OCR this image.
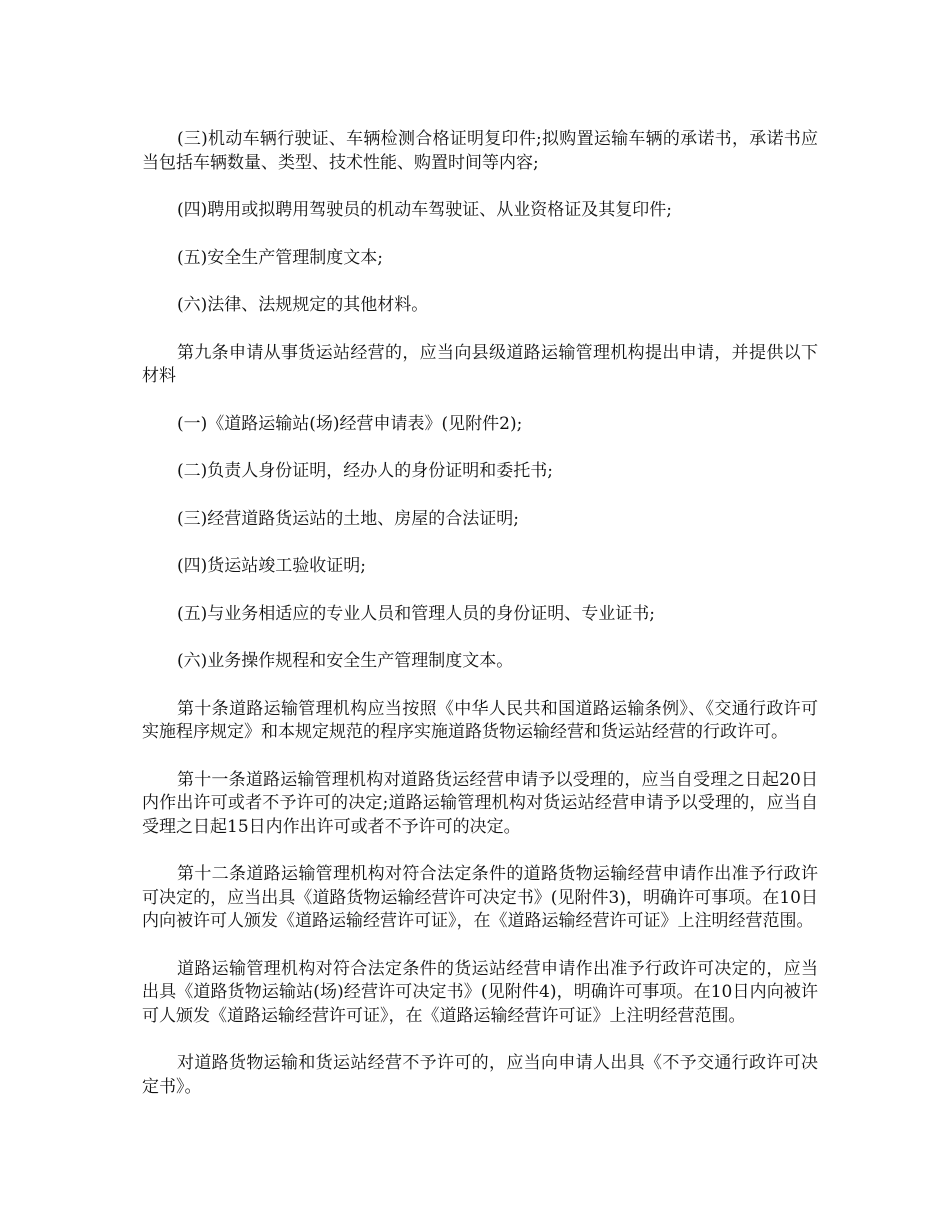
(三)机动车辆行驶证、车辆检测合格证明复印件;拟购置运输车辆的承诺书，承诺书应当包括车辆数量、类型、技术性能、购置时间等内容;

(四)聘用或拟聘用驾驶员的机动车驾驶证、从业资格证及其复印件;

(五)安全生产管理制度文本;

(六)法律、法规规定的其他材料。

第九条申请从事货运站经营的，应当向县级道路运输管理机构提出申请，并提供以下材料

(一)《道路运输站(场)经营申请表》(见附件2);

(二)负责人身份证明，经办人的身份证明和委托书;

(三)经营道路货运站的土地、房屋的合法证明;

(四)货运站竣工验收证明;

(五)与业务相适应的专业人员和管理人员的身份证明、专业证书;

(六)业务操作规程和安全生产管理制度文本。

第十条道路运输管理机构应当按照《中华人民共和国道路运输条例》、《交通行政许可实施程序规定》和本规定规范的程序实施道路货物运输经营和货运站经营的行政许可。

第十一条道路运输管理机构对道路货运经营申请予以受理的，应当自受理之日起20日内作出许可或者不予许可的决定;道路运输管理机构对货运站经营申请予以受理的，应当自受理之日起15日内作出许可或者不予许可的决定。

第十二条道路运输管理机构对符合法定条件的道路货物运输经营申请作出准予行政许可决定的，应当出具《道路货物运输经营许可决定书》(见附件3)，明确许可事项。在10日内向被许可人颁发《道路运输经营许可证》，在《道路运输经营许可证》上注明经营范围。

道路运输管理机构对符合法定条件的货运站经营申请作出准予行政许可决定的，应当出具《道路货物运输站(场)经营许可决定书》(见附件4)，明确许可事项。在10日内向被许可人颁发《道路运输经营许可证》，在《道路运输经营许可证》上注明经营范围。

对道路货物运输和货运站经营不予许可的，应当向申请人出具《不予交通行政许可决定书》。
